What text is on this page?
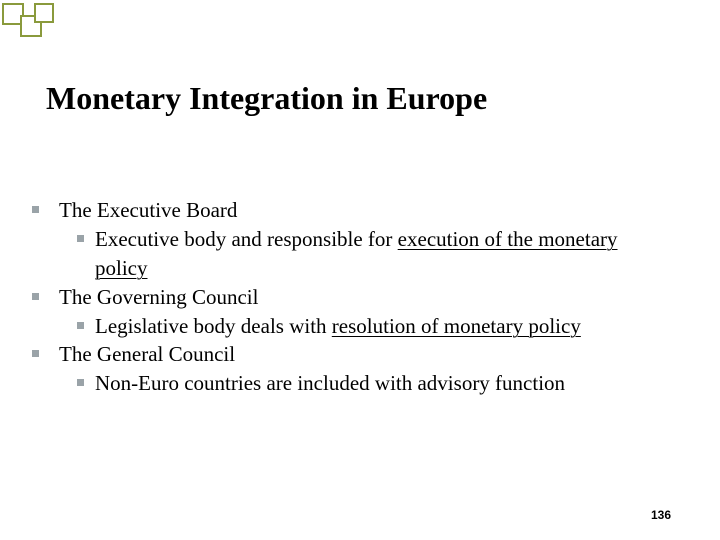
Monetary Integration in Europe
The Executive Board
Executive body and responsible for execution of the monetary
policy
The Governing Council
Legislative body deals with resolution of monetary policy
The General Council
Non-Euro countries are included with advisory function
136
